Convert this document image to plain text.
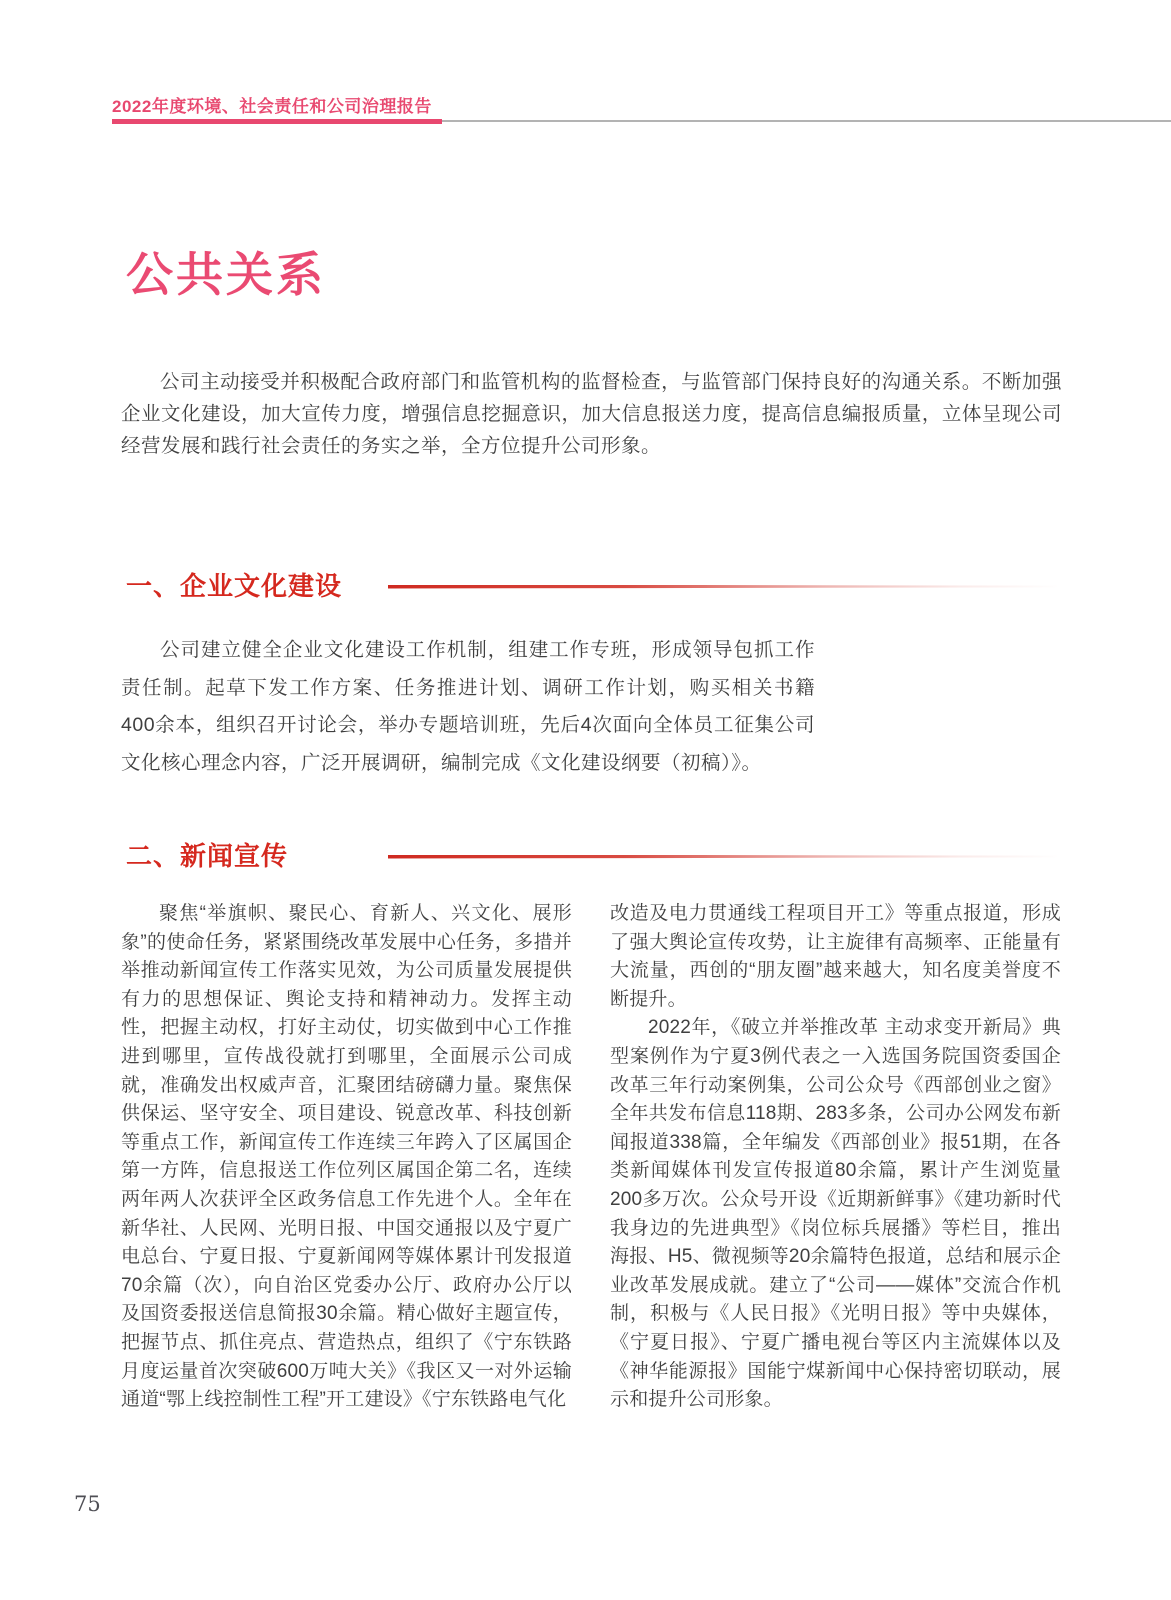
2022年度环境、社会责任和公司治理报告
公共关系

公司主动接受并积极配合政府部门和监管机构的监督检查，与监管部门保持良好的沟通关系。不断加强企业文化建设，加大宣传力度，增强信息挖掘意识，加大信息报送力度，提高信息编报质量，立体呈现公司经营发展和践行社会责任的务实之举，全方位提升公司形象。

一、企业文化建设

公司建立健全企业文化建设工作机制，组建工作专班，形成领导包抓工作责任制。起草下发工作方案、任务推进计划、调研工作计划，购买相关书籍400余本，组织召开讨论会，举办专题培训班，先后4次面向全体员工征集公司文化核心理念内容，广泛开展调研，编制完成《文化建设纲要（初稿）》。

二、新闻宣传

聚焦“举旗帜、聚民心、育新人、兴文化、展形象”的使命任务，紧紧围绕改革发展中心任务，多措并举推动新闻宣传工作落实见效，为公司质量发展提供有力的思想保证、舆论支持和精神动力。发挥主动性，把握主动权，打好主动仗，切实做到中心工作推进到哪里，宣传战役就打到哪里，全面展示公司成就，准确发出权威声音，汇聚团结磅礴力量。聚焦保供保运、坚守安全、项目建设、锐意改革、科技创新等重点工作，新闻宣传工作连续三年跨入了区属国企第一方阵，信息报送工作位列区属国企第二名，连续两年两人次获评全区政务信息工作先进个人。全年在新华社、人民网、光明日报、中国交通报以及宁夏广电总台、宁夏日报、宁夏新闻网等媒体累计刊发报道70余篇（次），向自治区党委办公厅、政府办公厅以及国资委报送信息简报30余篇。精心做好主题宣传，把握节点、抓住亮点、营造热点，组织了《宁东铁路月度运量首次突破600万吨大关》《我区又一对外运输通道“鄂上线控制性工程”开工建设》《宁东铁路电气化

改造及电力贯通线工程项目开工》等重点报道，形成了强大舆论宣传攻势，让主旋律有高频率、正能量有大流量，西创的“朋友圈”越来越大，知名度美誉度不断提升。

2022年，《破立并举推改革 主动求变开新局》典型案例作为宁夏3例代表之一入选国务院国资委国企改革三年行动案例集，公司公众号《西部创业之窗》全年共发布信息118期、283多条，公司办公网发布新闻报道338篇，全年编发《西部创业》报51期，在各类新闻媒体刊发宣传报道80余篇，累计产生浏览量200多万次。公众号开设《近期新鲜事》《建功新时代 我身边的先进典型》《岗位标兵展播》等栏目，推出海报、H5、微视频等20余篇特色报道，总结和展示企业改革发展成就。建立了“公司——媒体”交流合作机制，积极与《人民日报》《光明日报》等中央媒体，《宁夏日报》、宁夏广播电视台等区内主流媒体以及《神华能源报》国能宁煤新闻中心保持密切联动，展示和提升公司形象。

75
